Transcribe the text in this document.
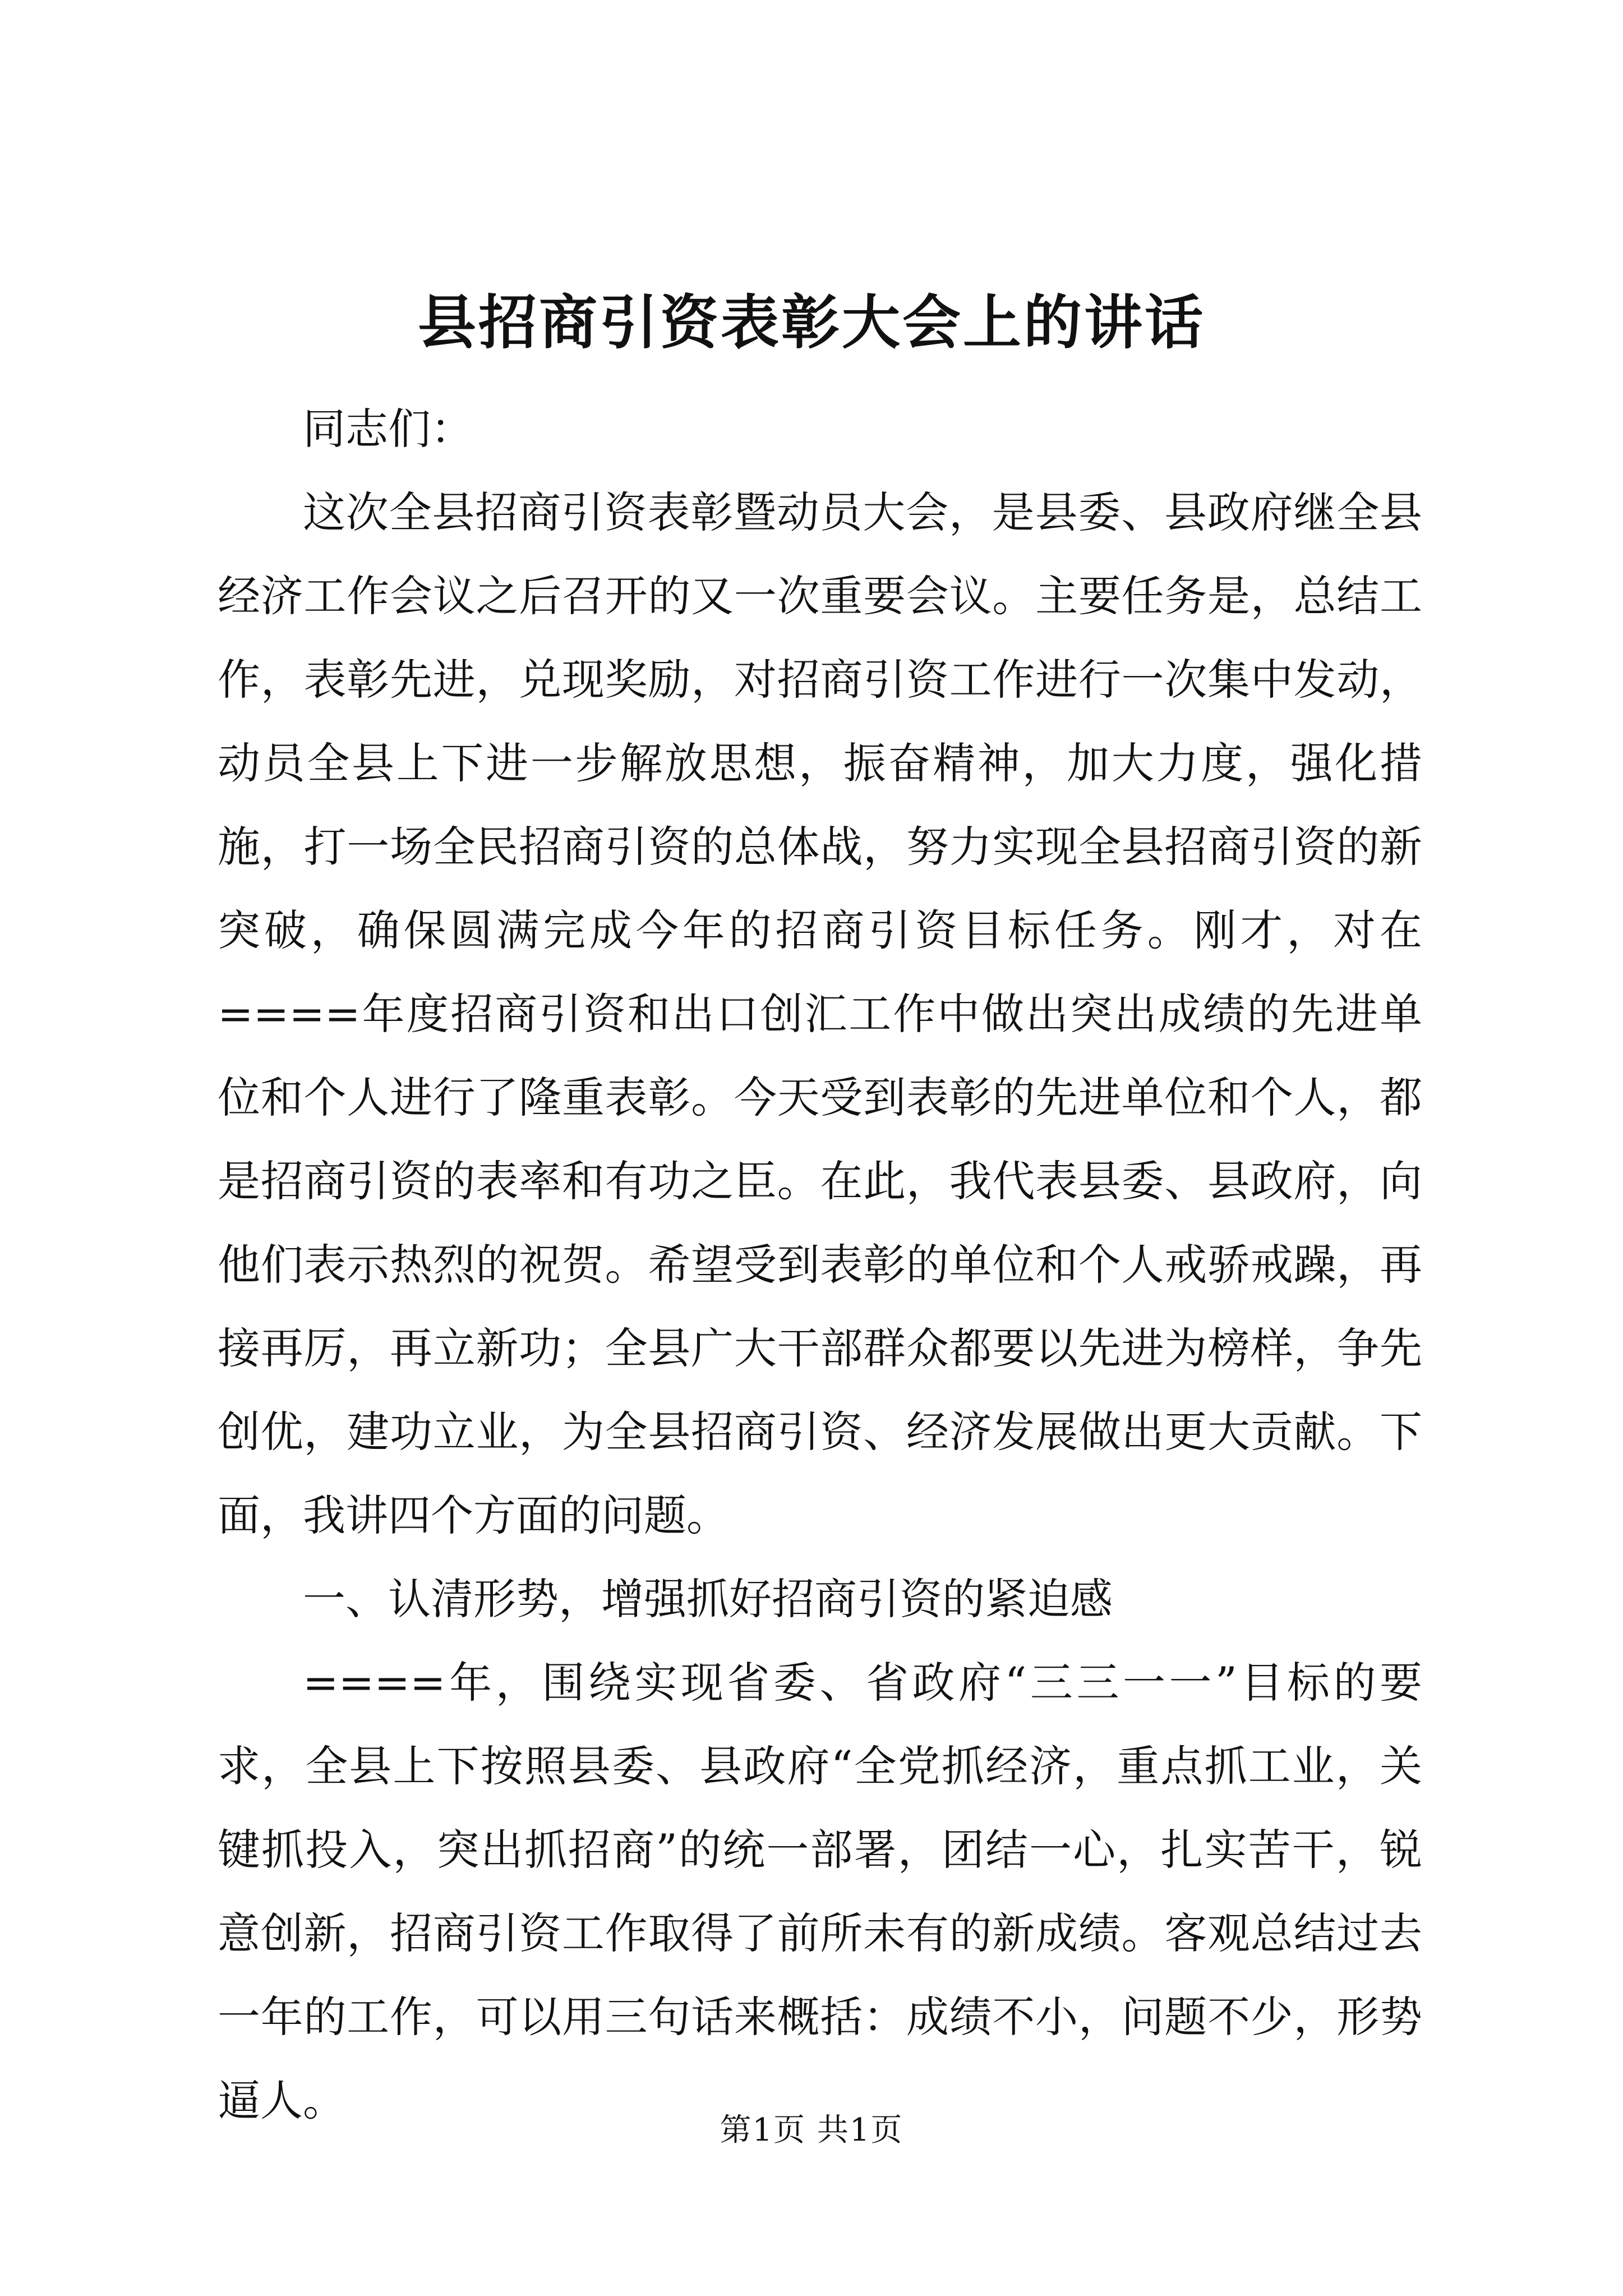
县招商引资表彰大会上的讲话

同志们：

这次全县招商引资表彰暨动员大会，是县委、县政府继全县经济工作会议之后召开的又一次重要会议。主要任务是，总结工作，表彰先进，兑现奖励，对招商引资工作进行一次集中发动，动员全县上下进一步解放思想，振奋精神，加大力度，强化措施，打一场全民招商引资的总体战，努力实现全县招商引资的新突破，确保圆满完成今年的招商引资目标任务。刚才，对在====年度招商引资和出口创汇工作中做出突出成绩的先进单位和个人进行了隆重表彰。今天受到表彰的先进单位和个人，都是招商引资的表率和有功之臣。在此，我代表县委、县政府，向他们表示热烈的祝贺。希望受到表彰的单位和个人戒骄戒躁，再接再厉，再立新功；全县广大干部群众都要以先进为榜样，争先创优，建功立业，为全县招商引资、经济发展做出更大贡献。下面，我讲四个方面的问题。

一、认清形势，增强抓好招商引资的紧迫感

====年，围绕实现省委、省政府“三三一一”目标的要求，全县上下按照县委、县政府“全党抓经济，重点抓工业，关键抓投入，突出抓招商”的统一部署，团结一心，扎实苦干，锐意创新，招商引资工作取得了前所未有的新成绩。客观总结过去一年的工作，可以用三句话来概括：成绩不小，问题不少，形势逼人。

第1页 共1页
